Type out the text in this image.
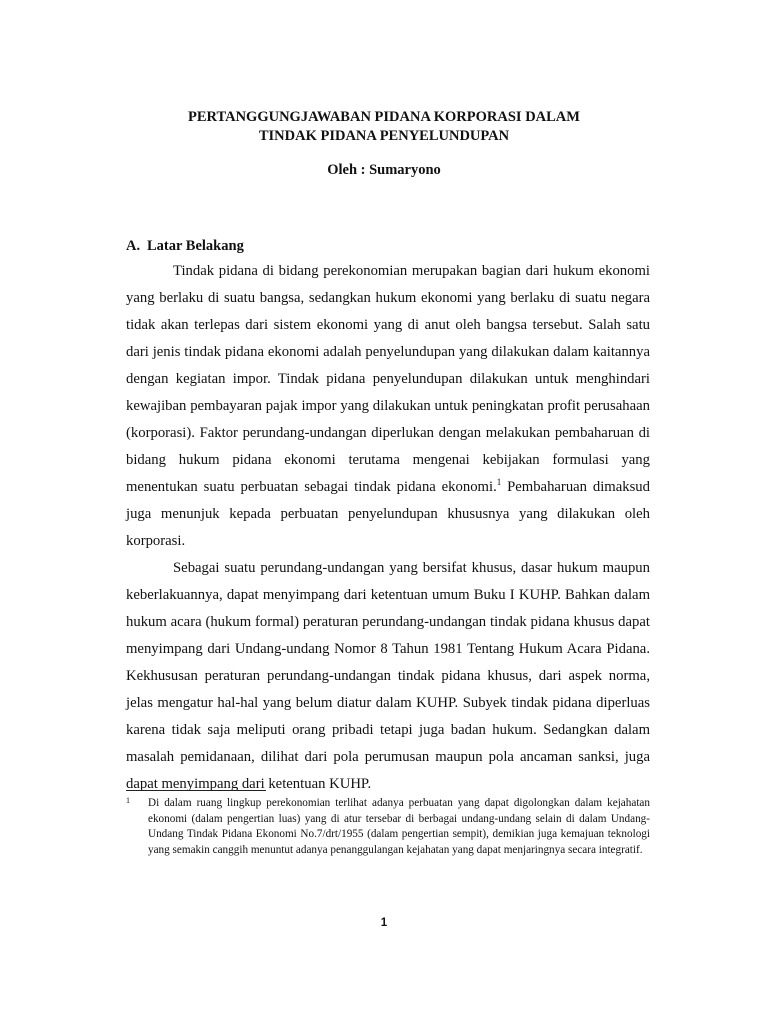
PERTANGGUNGJAWABAN PIDANA KORPORASI DALAM
TINDAK PIDANA PENYELUNDUPAN
Oleh : Sumaryono
A. Latar Belakang

Tindak pidana di bidang perekonomian merupakan bagian dari hukum ekonomi yang berlaku di suatu bangsa, sedangkan hukum ekonomi yang berlaku di suatu negara tidak akan terlepas dari sistem ekonomi yang di anut oleh bangsa tersebut. Salah satu dari jenis tindak pidana ekonomi adalah penyelundupan yang dilakukan dalam kaitannya dengan kegiatan impor. Tindak pidana penyelundupan dilakukan untuk menghindari kewajiban pembayaran pajak impor yang dilakukan untuk peningkatan profit perusahaan (korporasi). Faktor perundang-undangan diperlukan dengan melakukan pembaharuan di bidang hukum pidana ekonomi terutama mengenai kebijakan formulasi yang menentukan suatu perbuatan sebagai tindak pidana ekonomi.$^1$ Pembaharuan dimaksud juga menunjuk kepada perbuatan penyelundupan khususnya yang dilakukan oleh korporasi.

Sebagai suatu perundang-undangan yang bersifat khusus, dasar hukum maupun keberlakuannya, dapat menyimpang dari ketentuan umum Buku I KUHP. Bahkan dalam hukum acara (hukum formal) peraturan perundang-undangan tindak pidana khusus dapat menyimpang dari Undang-undang Nomor 8 Tahun 1981 Tentang Hukum Acara Pidana. Kekhususan peraturan perundang-undangan tindak pidana khusus, dari aspek norma, jelas mengatur hal-hal yang belum diatur dalam KUHP. Subyek tindak pidana diperluas karena tidak saja meliputi orang pribadi tetapi juga badan hukum. Sedangkan dalam masalah pemidanaan, dilihat dari pola perumusan maupun pola ancaman sanksi, juga dapat menyimpang dari ketentuan KUHP.

1 Di dalam ruang lingkup perekonomian terlihat adanya perbuatan yang dapat digolongkan dalam kejahatan ekonomi (dalam pengertian luas) yang di atur tersebar di berbagai undang-undang selain di dalam Undang-Undang Tindak Pidana Ekonomi No.7/drt/1955 (dalam pengertian sempit), demikian juga kemajuan teknologi yang semakin canggih menuntut adanya penanggulangan kejahatan yang dapat menjaringnya secara integratif.
1
